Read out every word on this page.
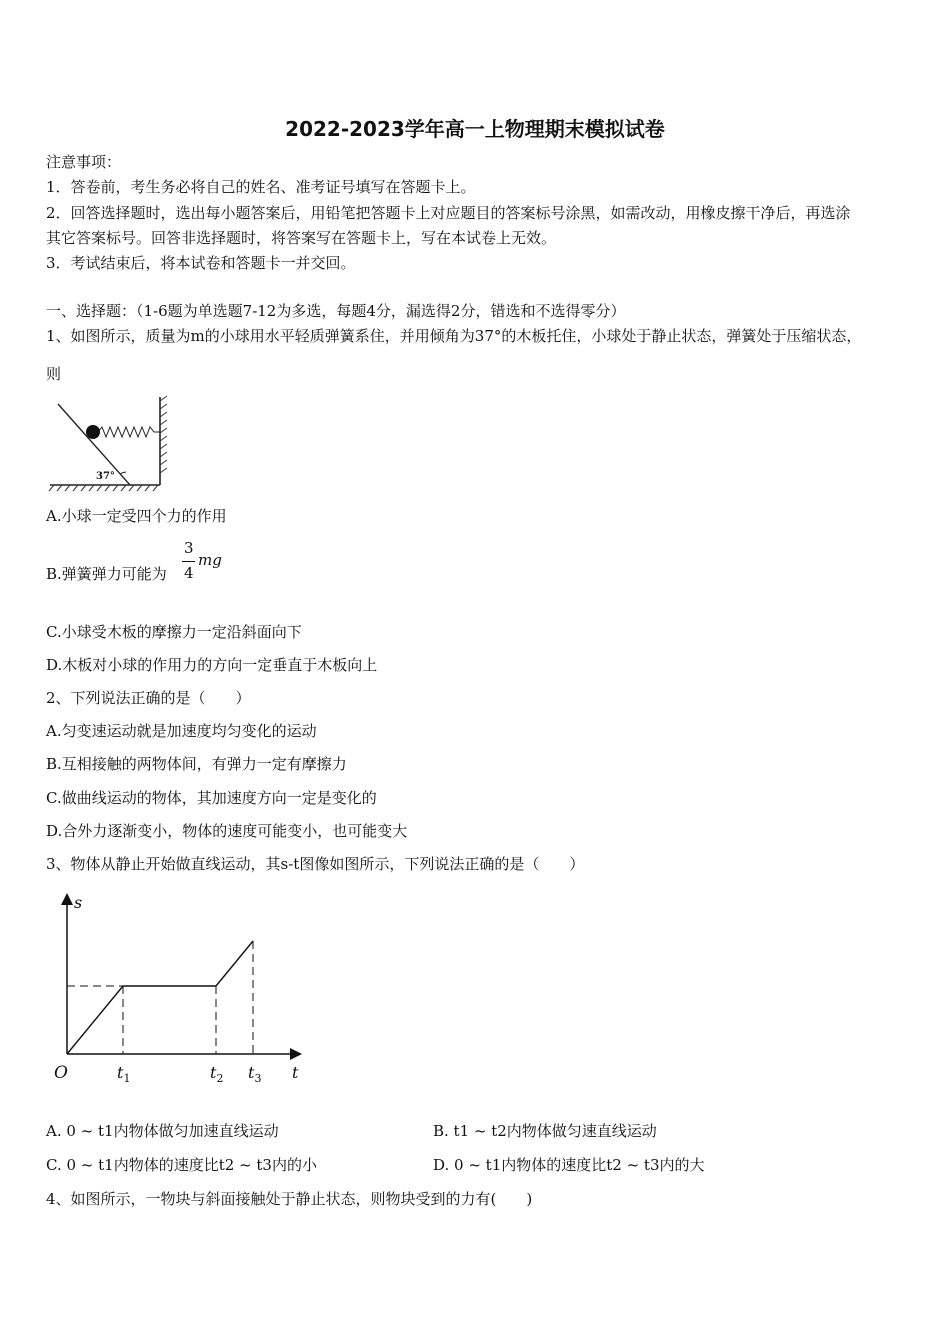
2022-2023学年高一上物理期末模拟试卷
注意事项：
1．答卷前，考生务必将自己的姓名、准考证号填写在答题卡上。
2．回答选择题时，选出每小题答案后，用铅笔把答题卡上对应题目的答案标号涂黑，如需改动，用橡皮擦干净后，再选涂
其它答案标号。回答非选择题时，将答案写在答题卡上，写在本试卷上无效。
3．考试结束后，将本试卷和答题卡一并交回。
一、选择题：（1-6题为单选题7-12为多选，每题4分，漏选得2分，错选和不选得零分）
1、如图所示，质量为m的小球用水平轻质弹簧系住，并用倾角为37°的木板托住，小球处于静止状态，弹簧处于压缩状态，
则
37°
A.小球一定受四个力的作用
B.弹簧弹力可能为
3
4
mg
C.小球受木板的摩擦力一定沿斜面向下
D.木板对小球的作用力的方向一定垂直于木板向上
2、下列说法正确的是（　　）
A.匀变速运动就是加速度均匀变化的运动
B.互相接触的两物体间，有弹力一定有摩擦力
C.做曲线运动的物体，其加速度方向一定是变化的
D.合外力逐渐变小，物体的速度可能变小，也可能变大
3、物体从静止开始做直线运动，其s-t图像如图所示，下列说法正确的是（　　）
s
t
O	$t_1$	$t_2$ $t_3$
A. 0 ~ t1内物体做匀加速直线运动	B. t1 ~ t2内物体做匀速直线运动
C. 0 ~ t1内物体的速度比t2 ~ t3内的小	D. 0 ~ t1内物体的速度比t2 ~ t3内的大
4、如图所示，一物块与斜面接触处于静止状态，则物块受到的力有(　　)
